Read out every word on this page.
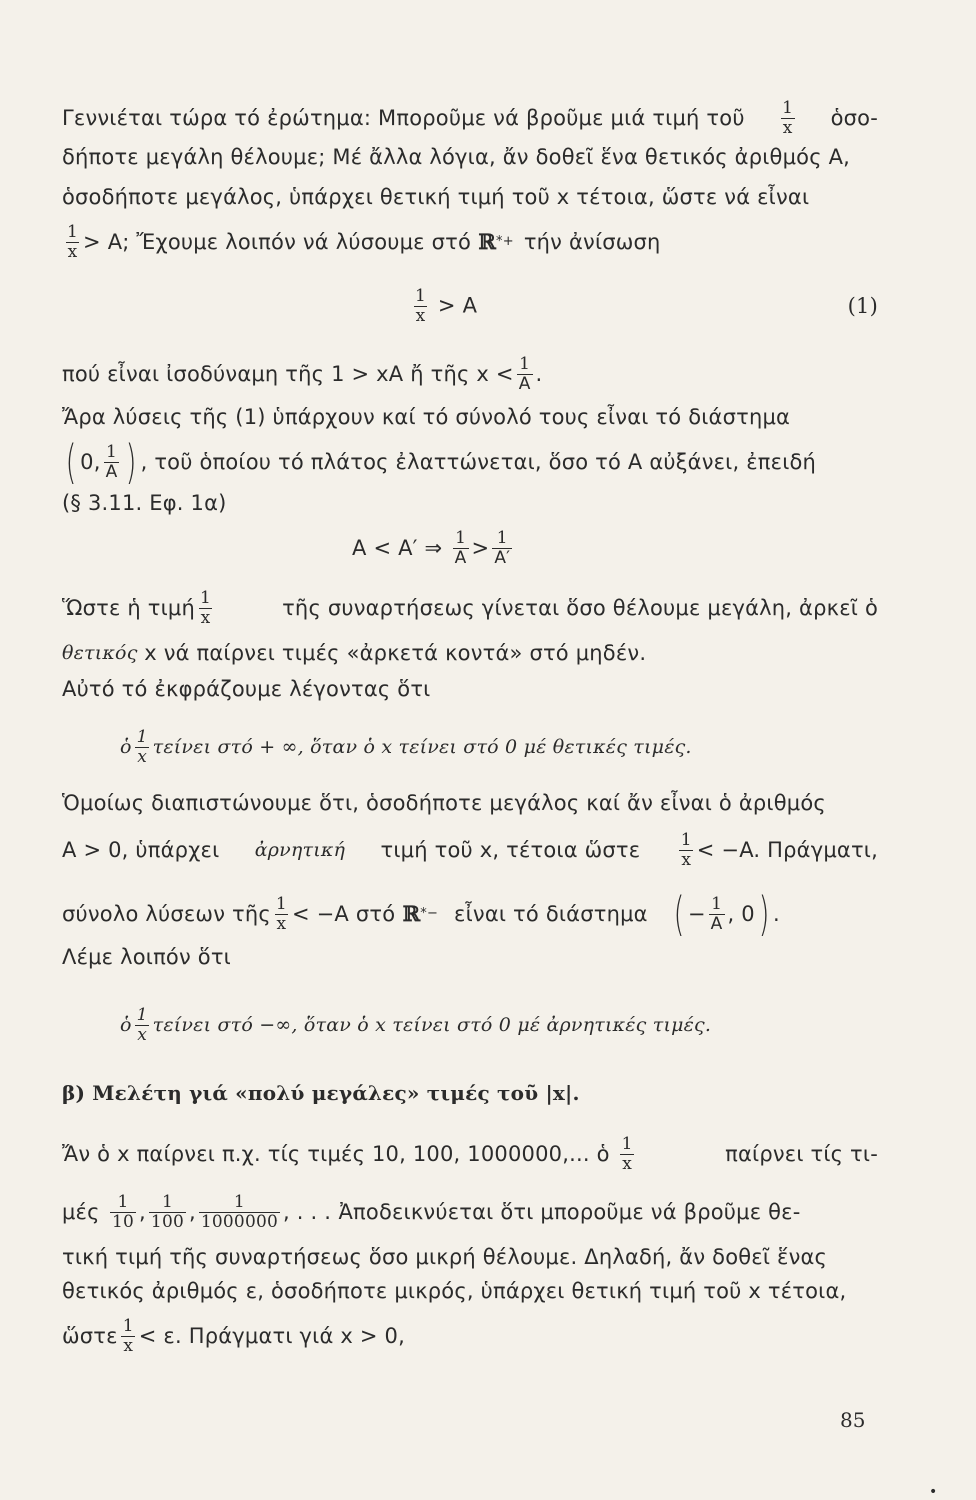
Γεννιέται τώρα τό ἐρώτημα: Μποροῦμε νά βροῦμε μιά τιμή τοῦ $\frac{1}{x}$ ὁσο-
δήποτε μεγάλη θέλουμε; Μέ ἄλλα λόγια, ἄν δοθεῖ ἕνα θετικός ἀριθμός A,
ὁσοδήποτε μεγάλος, ὑπάρχει θετική τιμή τοῦ x τέτοια, ὥστε νά εἶναι
$\frac{1}{x} > A$; Ἔχουμε λοιπόν νά λύσουμε στό ℝ *+ τήν ἀνίσωση
$\frac{1}{x} > A$	(1)
πού εἶναι ἰσοδύναμη τῆς 1 > xA ἤ τῆς $x < \frac{1}{A}$ .
Ἄρα λύσεις τῆς (1) ὑπάρχουν καί τό σύνολό τους εἶναι τό διάστημα
( 0, $\frac{1}{A}$ ) , τοῦ ὁποίου τό πλάτος ἐλαττώνεται, ὅσο τό A αὐξάνει, ἐπειδή
(§ 3.11. Εφ. 1α)
A < A′ ⇒ $\frac{1}{A} > \frac{1}{A'}$
Ὥστε ἡ τιμή $\frac{1}{x}$	τῆς συναρτήσεως γίνεται ὅσο θέλουμε μεγάλη, ἀρκεῖ ὁ
θετικός x νά παίρνει τιμές «ἀρκετά κοντά» στό μηδέν.
Αὐτό τό ἐκφράζουμε λέγοντας ὅτι
ὁ $\frac{1}{x}$ τείνει στό + ∞, ὅταν ὁ x τείνει στό 0 μέ θετικές τιμές.
Ὁμοίως διαπιστώνουμε ὅτι, ὁσοδήποτε μεγάλος καί ἄν εἶναι ὁ ἀριθμός
A > 0, ὑπάρχει ἀρνητική τιμή τοῦ x, τέτοια ὥστε $\frac{1}{x} < -A$. Πράγματι,
σύνολο λύσεων τῆς $\frac{1}{x} < -A$ στό ℝ *− εἶναι τό διάστημα ( − $\frac{1}{A}$ , 0 ) .
Λέμε λοιπόν ὅτι
ὁ $\frac{1}{x}$ τείνει στό −∞, ὅταν ὁ x τείνει στό 0 μέ ἀρνητικές τιμές.
β) Μελέτη γιά «πολύ μεγάλες» τιμές τοῦ |x|.
Ἄν ὁ x παίρνει π.χ. τίς τιμές 10, 100, 1000000,... ὁ $\frac{1}{x}$	παίρνει τίς τι-
μές $\frac{1}{10}$ , $\frac{1}{100}$ , $\frac{1}{1000000}$ , . . . Ἀποδεικνύεται ὅτι μποροῦμε νά βροῦμε θε-
τική τιμή τῆς συναρτήσεως ὅσο μικρή θέλουμε. Δηλαδή, ἄν δοθεῖ ἕνας
θετικός ἀριθμός ε, ὁσοδήποτε μικρός, ὑπάρχει θετική τιμή τοῦ x τέτοια,
ὥστε $\frac{1}{x} < \varepsilon$. Πράγματι γιά x > 0,
85
•
